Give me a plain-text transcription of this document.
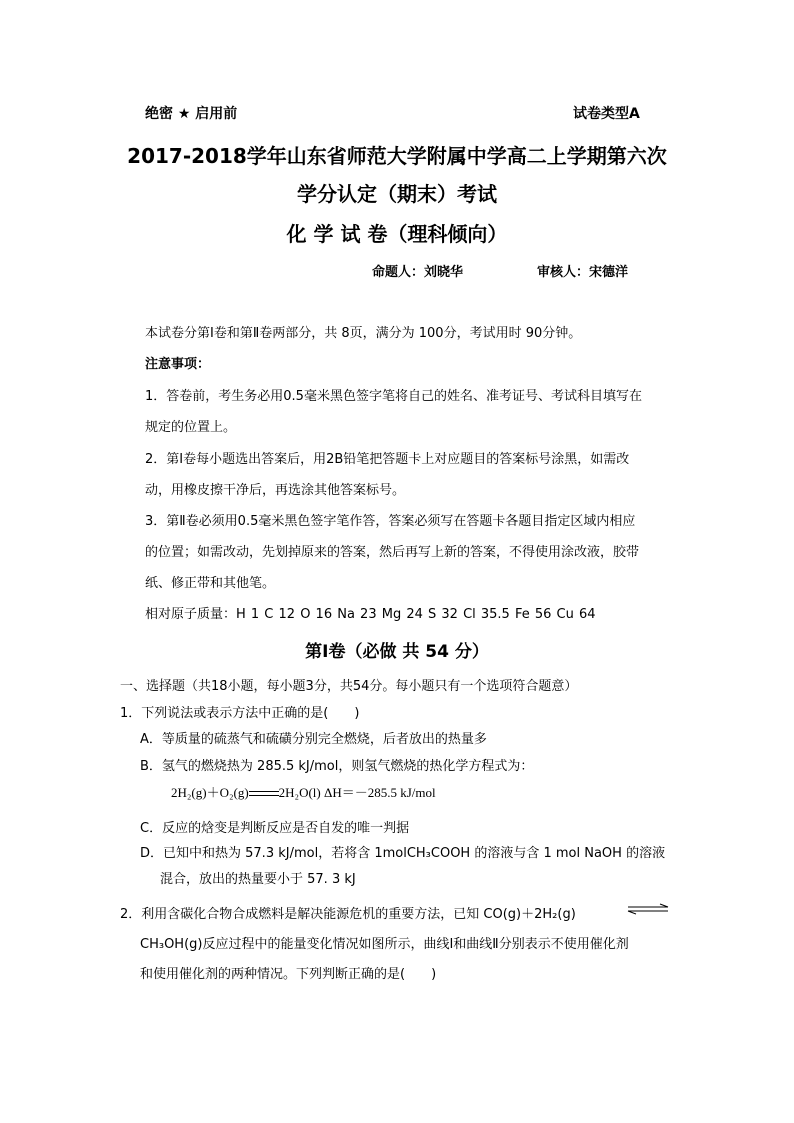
绝密 ★ 启用前	试卷类型A
2017-2018学年山东省师范大学附属中学高二上学期第六次
学分认定（期末）考试
化 学 试 卷（理科倾向）
命题人：刘晓华	审核人：宋德洋
本试卷分第Ⅰ卷和第Ⅱ卷两部分，共 8页，满分为 100分，考试用时 90分钟。
注意事项：
1．答卷前，考生务必用0.5毫米黑色签字笔将自己的姓名、准考证号、考试科目填写在
规定的位置上。
2．第Ⅰ卷每小题选出答案后，用2B铅笔把答题卡上对应题目的答案标号涂黑，如需改
动，用橡皮擦干净后，再选涂其他答案标号。
3．第Ⅱ卷必须用0.5毫米黑色签字笔作答，答案必须写在答题卡各题目指定区域内相应
的位置；如需改动，先划掉原来的答案，然后再写上新的答案，不得使用涂改液，胶带
纸、修正带和其他笔。
相对原子质量：H 1 C 12 O 16 Na 23 Mg 24 S 32 Cl 35.5 Fe 56 Cu 64
第Ⅰ卷（必做 共 54 分）
一、选择题（共18小题，每小题3分，共54分。每小题只有一个选项符合题意）
1．下列说法或表示方法中正确的是(　　)
A．等质量的硫蒸气和硫磺分别完全燃烧，后者放出的热量多
B．氢气的燃烧热为 285.5 kJ/mol，则氢气燃烧的热化学方程式为：
2H₂(g)＋O₂(g) 2H₂O(l) ΔH＝－285.5 kJ/mol
C．反应的焓变是判断反应是否自发的唯一判据
D．已知中和热为 57.3 kJ/mol，若将含 1molCH₃COOH 的溶液与含 1 mol NaOH 的溶液
混合，放出的热量要小于 57. 3 kJ
2．利用含碳化合物合成燃料是解决能源危机的重要方法，已知 CO(g)＋2H₂(g)
CH₃OH(g)反应过程中的能量变化情况如图所示，曲线Ⅰ和曲线Ⅱ分别表示不使用催化剂
和使用催化剂的两种情况。下列判断正确的是(　　)
